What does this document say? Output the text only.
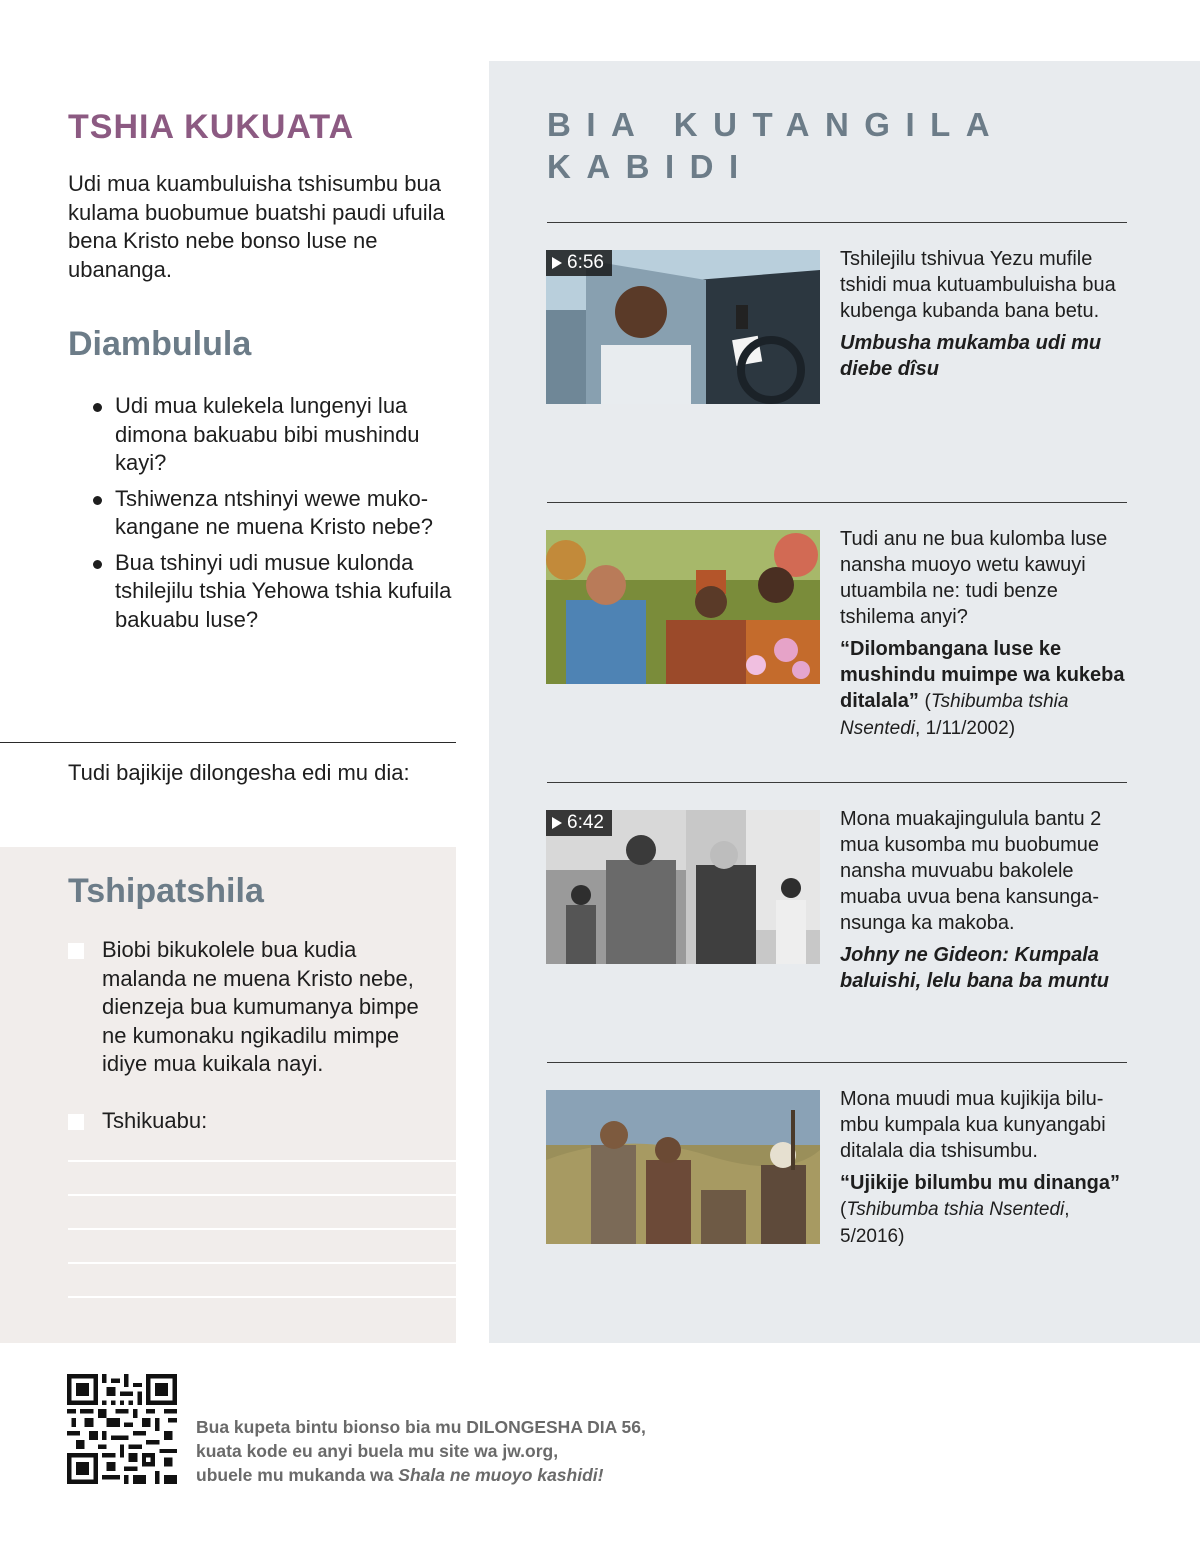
TSHIA KUKUATA

Udi mua kuambuluisha tshisumbu bua kulama buobumue buatshi paudi ufuila bena Kristo nebe bonso luse ne ubananga.

Diambulula
Udi mua kulekela lungenyi lua dimona bakuabu bibi mushindu kayi?
Tshiwenza ntshinyi wewe muko-kangane ne muena Kristo nebe?
Bua tshinyi udi musue kulonda tshilejilu tshia Yehowa tshia kufuila bakuabu luse?

Tudi bajikije dilongesha edi mu dia:

Tshipatshila

Biobi bikukolele bua kudia malanda ne muena Kristo nebe, dienzeja bua kumumanya bimpe ne kumonaku ngikadilu mimpe idiye mua kuikala nayi.

Tshikuabu:

BIA KUTANGILA KABIDI
6:56	Tshilejilu tshivua Yezu mufile tshidi mua kutuambuluisha bua kubenga kubanda bana betu.

Umbusha mukamba udi mu diebe dîsu

Tudi anu ne bua kulomba luse nansha muoyo wetu kawuyi utuambila ne: tudi benze tshilema anyi?

“Dilombangana luse ke mushindu muimpe wa kukeba ditalala” (Tshibumba tshia Nsentedi, 1/11/2002)

6:42	Mona muakajingulula bantu 2 mua kusomba mu buobumue nansha muvuabu bakolele muaba uvua bena kansunga-nsunga ka makoba.

Johny ne Gideon: Kumpala baluishi, lelu bana ba muntu

Mona muudi mua kujikija bilu-mbu kumpala kua kunyangabi ditalala dia tshisumbu.

“Ujikije bilumbu mu dinanga” (Tshibumba tshia Nsentedi, 5/2016)

Bua kupeta bintu bionso bia mu DILONGESHA DIA 56,
kuata kode eu anyi buela mu site wa jw.org,
ubuele mu mukanda wa Shala ne muoyo kashidi!
